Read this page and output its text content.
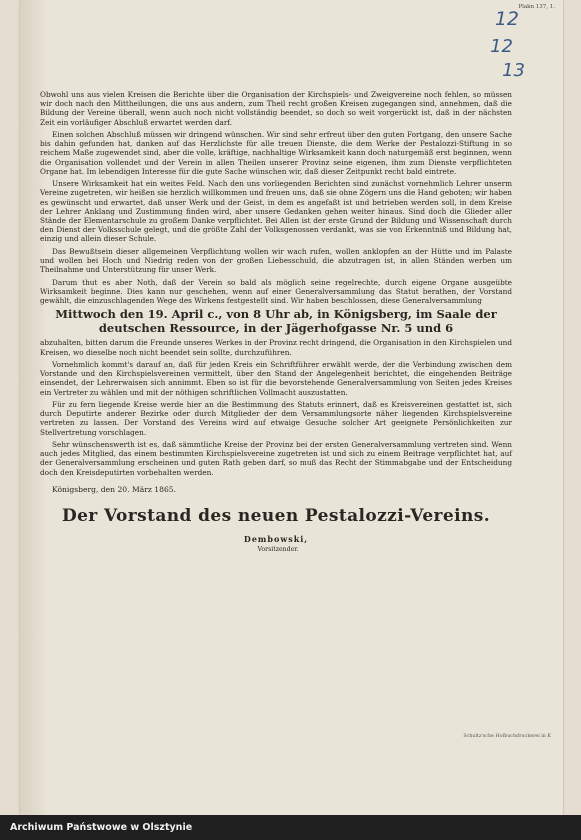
Plakn 137, 1.
12
12
13

Obwohl uns aus vielen Kreisen die Berichte über die Organisation der Kirchspiels- und Zweigvereine noch fehlen, so müssen wir doch nach den Mittheilungen, die uns aus andern, zum Theil recht großen Kreisen zugegangen sind, annehmen, daß die Bildung der Vereine überall, wenn auch noch nicht vollständig beendet, so doch so weit vorgerückt ist, daß in der nächsten Zeit ein vorläufiger Abschluß erwartet werden darf.

Einen solchen Abschluß müssen wir dringend wünschen. Wir sind sehr erfreut über den guten Fortgang, den unsere Sache bis dahin gefunden hat, danken auf das Herzlichste für alle treuen Dienste, die dem Werke der Pestalozzi-Stiftung in so reichem Maße zugewendet sind, aber die volle, kräftige, nachhaltige Wirksamkeit kann doch naturgemäß erst beginnen, wenn die Organisation vollendet und der Verein in allen Theilen unserer Provinz seine eigenen, ihm zum Dienste verpflichteten Organe hat. Im lebendigen Interesse für die gute Sache wünschen wir, daß dieser Zeitpunkt recht bald eintrete.

Unsere Wirksamkeit hat ein weites Feld. Nach den uns vorliegenden Berichten sind zunächst vornehmlich Lehrer unserm Vereine zugetreten, wir heißen sie herzlich willkommen und freuen uns, daß sie ohne Zögern uns die Hand geboten; wir haben es gewünscht und erwartet, daß unser Werk und der Geist, in dem es angefaßt ist und betrieben werden soll, in dem Kreise der Lehrer Anklang und Zustimmung finden wird, aber unsere Gedanken gehen weiter hinaus. Sind doch die Glieder aller Stände der Elementarschule zu großem Danke verpflichtet. Bei Allen ist der erste Grund der Bildung und Wissenschaft durch den Dienst der Volksschule gelegt, und die größte Zahl der Volksgenossen verdankt, was sie von Erkenntniß und Bildung hat, einzig und allein dieser Schule.

Das Bewußtsein dieser allgemeinen Verpflichtung wollen wir wach rufen, wollen anklopfen an der Hütte und im Palaste und wollen bei Hoch und Niedrig reden von der großen Liebesschuld, die abzutragen ist, in allen Ständen werben um Theilnahme und Unterstützung für unser Werk.

Darum thut es aber Noth, daß der Verein so bald als möglich seine regelrechte, durch eigene Organe ausgeübte Wirksamkeit beginne. Dies kann nur geschehen, wenn auf einer Generalversammlung das Statut berathen, der Vorstand gewählt, die einzuschlagenden Wege des Wirkens festgestellt sind. Wir haben beschlossen, diese Generalversammlung

Mittwoch den 19. April c., von 8 Uhr ab, in Königsberg, im Saale der deutschen Ressource, in der Jägerhofgasse Nr. 5 und 6

abzuhalten, bitten darum die Freunde unseres Werkes in der Provinz recht dringend, die Organisation in den Kirchspielen und Kreisen, wo dieselbe noch nicht beendet sein sollte, durchzuführen.

Vornehmlich kommt's darauf an, daß für jeden Kreis ein Schriftführer erwählt werde, der die Verbindung zwischen dem Vorstande und den Kirchspielsvereinen vermittelt, über den Stand der Angelegenheit berichtet, die eingehenden Beiträge einsendet, der Lehrerwaisen sich annimmt. Eben so ist für die bevorstehende Generalversammlung von Seiten jedes Kreises ein Vertreter zu wählen und mit der nöthigen schriftlichen Vollmacht auszustatten.

Für zu fern liegende Kreise werde hier an die Bestimmung des Statuts erinnert, daß es Kreisvereinen gestattet ist, sich durch Deputirte anderer Bezirke oder durch Mitglieder der dem Versammlungsorte näher liegenden Kirchspielsvereine vertreten zu lassen. Der Vorstand des Vereins wird auf etwaige Gesuche solcher Art geeignete Persönlichkeiten zur Stellvertretung vorschlagen.

Sehr wünschenswerth ist es, daß sämmtliche Kreise der Provinz bei der ersten Generalversammlung vertreten sind. Wenn auch jedes Mitglied, das einem bestimmten Kirchspielsvereine zugetreten ist und sich zu einem Beitrage verpflichtet hat, auf der Generalversammlung erscheinen und guten Rath geben darf, so muß das Recht der Stimmabgabe und der Entscheidung doch den Kreisdeputirten vorbehalten werden.

Königsberg, den 20. März 1865.
Der Vorstand des neuen Pestalozzi-Vereins.
Dembowski,
Vorsitzender.
Schultz'sche Hofbuchdruckerei in K
Archiwum Państwowe w Olsztynie
